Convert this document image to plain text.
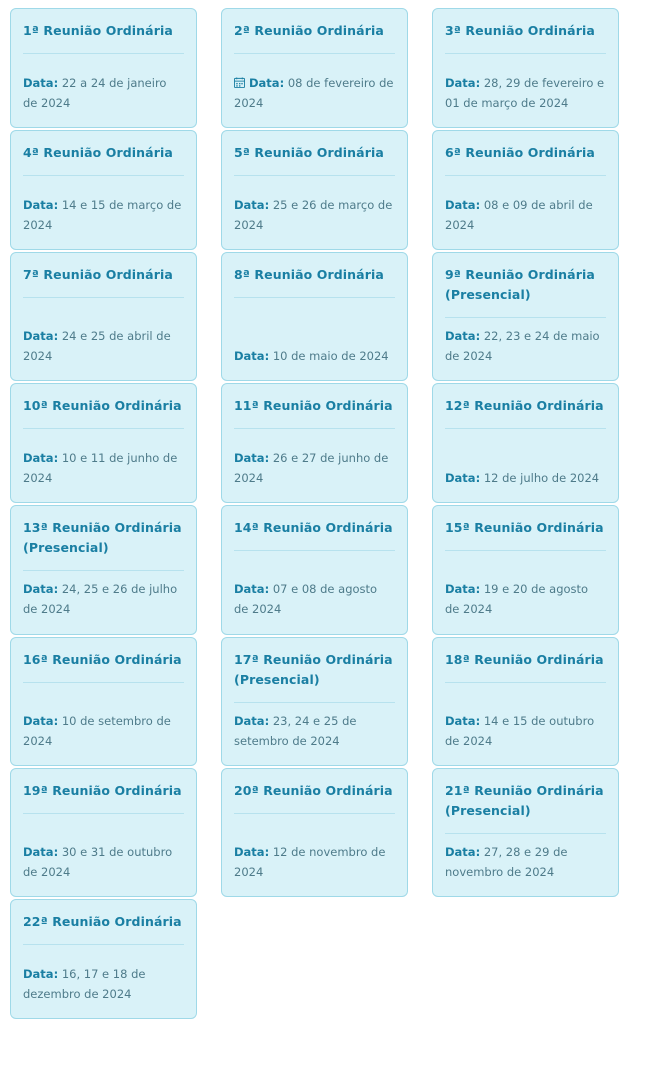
1ª Reunião Ordinária

Data: 22 a 24 de janeiro de 2024

2ª Reunião Ordinária

Data: 08 de fevereiro de 2024

3ª Reunião Ordinária

Data: 28, 29 de fevereiro e 01 de março de 2024

4ª Reunião Ordinária

Data: 14 e 15 de março de 2024

5ª Reunião Ordinária

Data: 25 e 26 de março de 2024

6ª Reunião Ordinária

Data: 08 e 09 de abril de 2024

7ª Reunião Ordinária

Data: 24 e 25 de abril de 2024

8ª Reunião Ordinária

Data: 10 de maio de 2024

9ª Reunião Ordinária (Presencial)

Data: 22, 23 e 24 de maio de 2024

10ª Reunião Ordinária

Data: 10 e 11 de junho de 2024

11ª Reunião Ordinária

Data: 26 e 27 de junho de 2024

12ª Reunião Ordinária

Data: 12 de julho de 2024

13ª Reunião Ordinária (Presencial)

Data: 24, 25 e 26 de julho de 2024

14ª Reunião Ordinária

Data: 07 e 08 de agosto de 2024

15ª Reunião Ordinária

Data: 19 e 20 de agosto de 2024

16ª Reunião Ordinária

Data: 10 de setembro de 2024

17ª Reunião Ordinária (Presencial)

Data: 23, 24 e 25 de setembro de 2024

18ª Reunião Ordinária

Data: 14 e 15 de outubro de 2024

19ª Reunião Ordinária

Data: 30 e 31 de outubro de 2024

20ª Reunião Ordinária

Data: 12 de novembro de 2024

21ª Reunião Ordinária (Presencial)

Data: 27, 28 e 29 de novembro de 2024

22ª Reunião Ordinária

Data: 16, 17 e 18 de dezembro de 2024
